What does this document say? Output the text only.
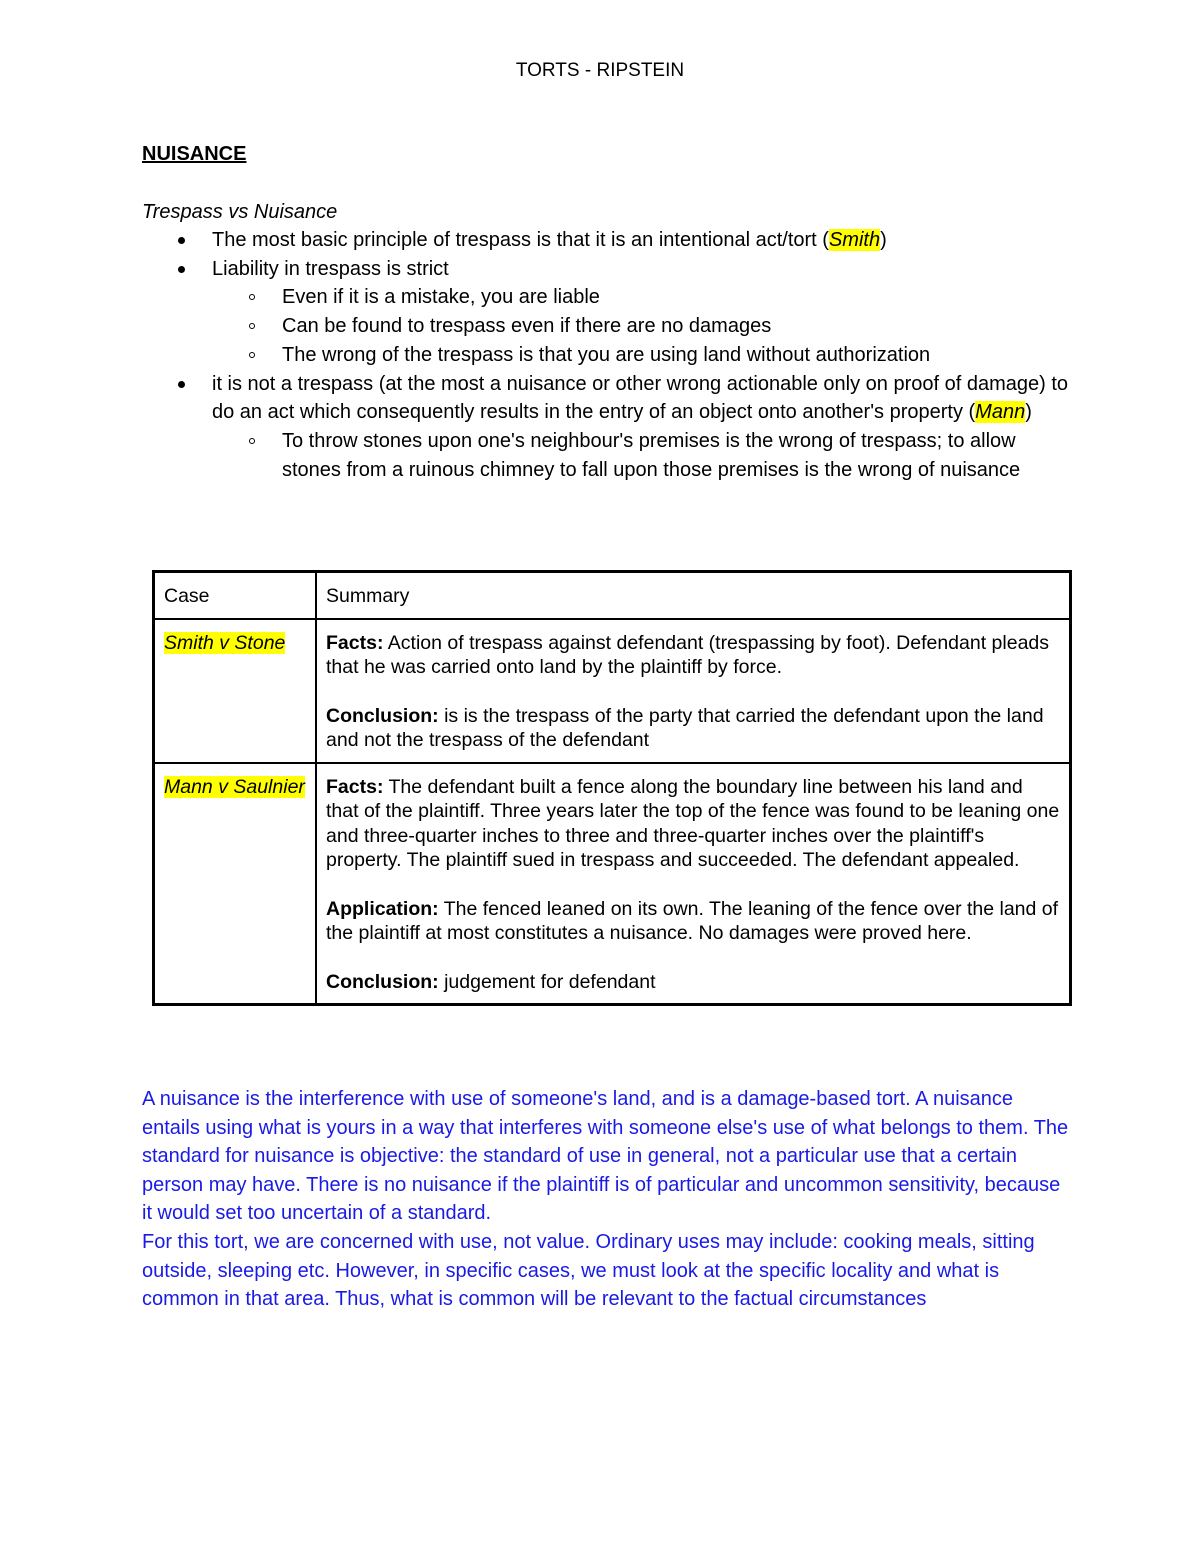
TORTS - RIPSTEIN

NUISANCE

Trespass vs Nuisance

The most basic principle of trespass is that it is an intentional act/tort (Smith)
Liability in trespass is strict
Even if it is a mistake, you are liable
Can be found to trespass even if there are no damages
The wrong of the trespass is that you are using land without authorization
it is not a trespass (at the most a nuisance or other wrong actionable only on proof of damage) to do an act which consequently results in the entry of an object onto another's property (Mann)
To throw stones upon one's neighbour's premises is the wrong of trespass; to allow stones from a ruinous chimney to fall upon those premises is the wrong of nuisance
Case	Summary
Smith v Stone	Facts: Action of trespass against defendant (trespassing by foot). Defendant pleads that he was carried onto land by the plaintiff by force.

Conclusion: is is the trespass of the party that carried the defendant upon the land and not the trespass of the defendant

Mann v Saulnier	Facts: The defendant built a fence along the boundary line between his land and that of the plaintiff. Three years later the top of the fence was found to be leaning one and three-quarter inches to three and three-quarter inches over the plaintiff's property. The plaintiff sued in trespass and succeeded. The defendant appealed.

Application: The fenced leaned on its own. The leaning of the fence over the land of the plaintiff at most constitutes a nuisance. No damages were proved here.

Conclusion: judgement for defendant

A nuisance is the interference with use of someone's land, and is a damage-based tort. A nuisance entails using what is yours in a way that interferes with someone else's use of what belongs to them. The standard for nuisance is objective: the standard of use in general, not a particular use that a certain person may have. There is no nuisance if the plaintiff is of particular and uncommon sensitivity, because it would set too uncertain of a standard.

For this tort, we are concerned with use, not value. Ordinary uses may include: cooking meals, sitting outside, sleeping etc. However, in specific cases, we must look at the specific locality and what is common in that area. Thus, what is common will be relevant to the factual circumstances
